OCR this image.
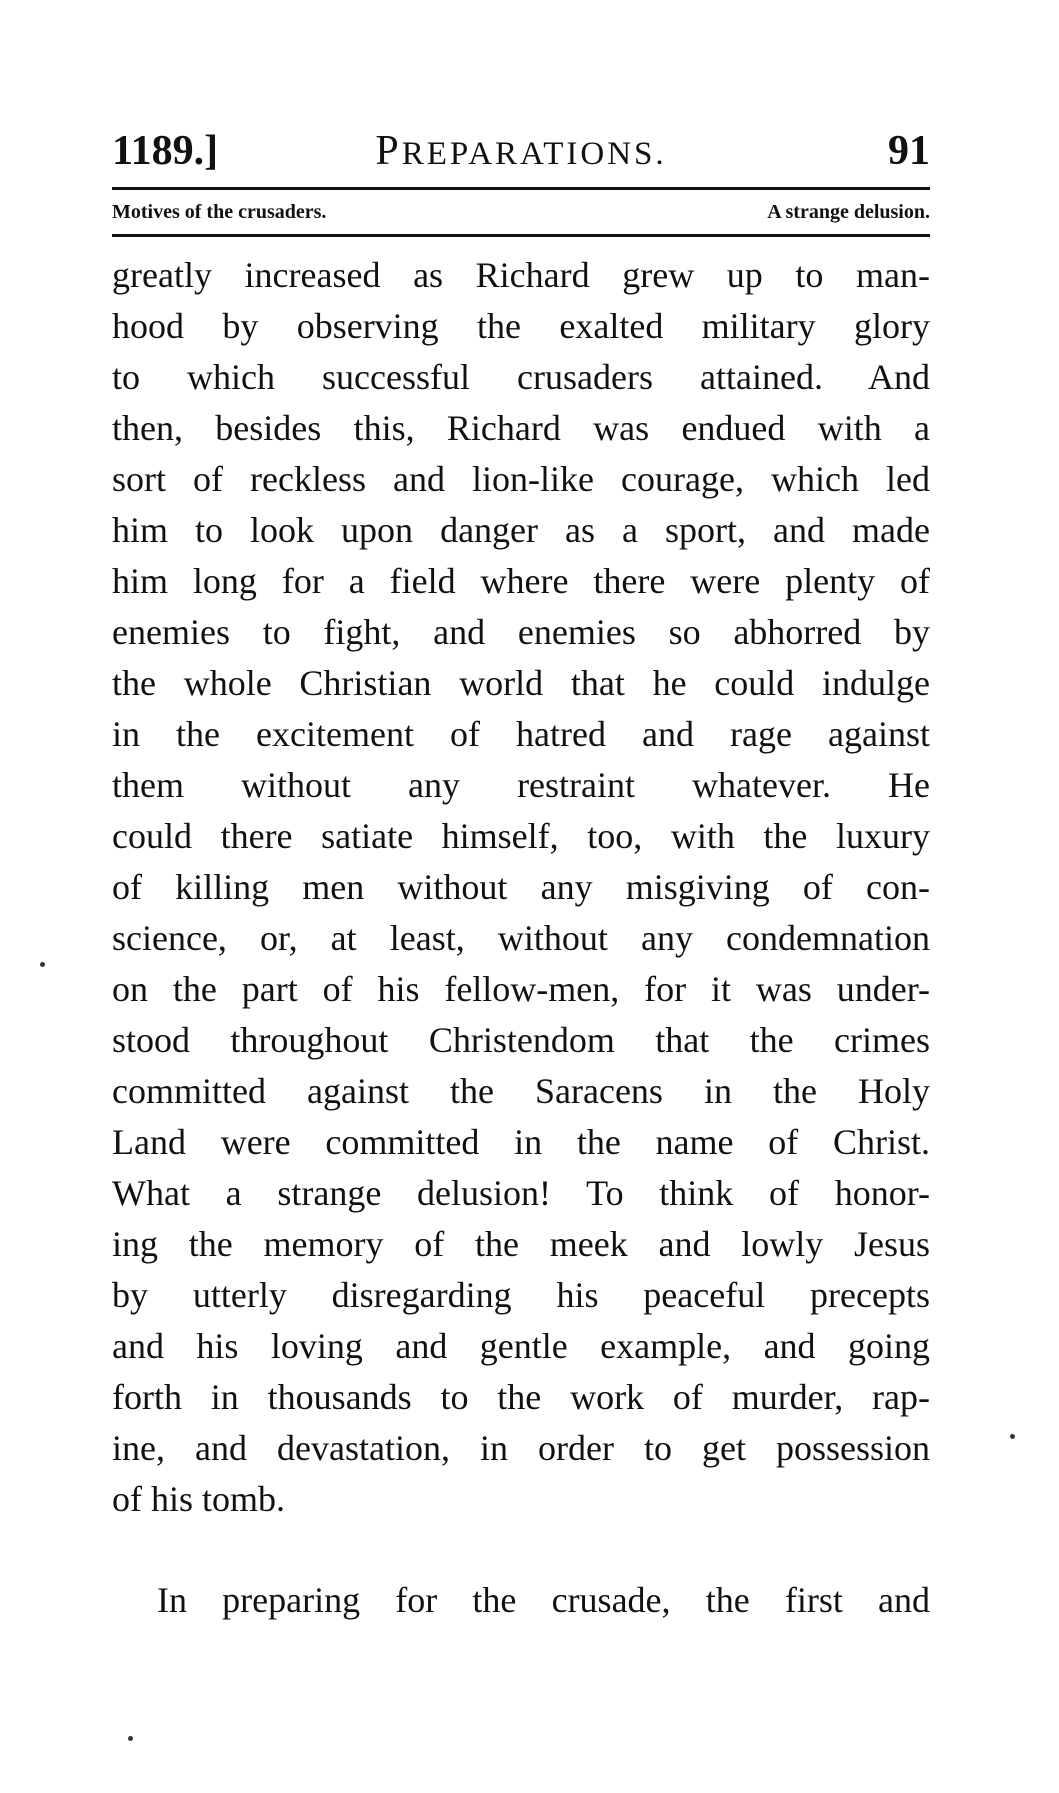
1189.]	PREPARATIONS.	91
Motives of the crusaders.	A strange delusion.
greatly increased as Richard grew up to man-
hood by observing the exalted military glory
to which successful crusaders attained. And
then, besides this, Richard was endued with a
sort of reckless and lion-like courage, which led
him to look upon danger as a sport, and made
him long for a field where there were plenty of
enemies to fight, and enemies so abhorred by
the whole Christian world that he could indulge
in the excitement of hatred and rage against
them without any restraint whatever. He
could there satiate himself, too, with the luxury
of killing men without any misgiving of con-
science, or, at least, without any condemnation
on the part of his fellow-men, for it was under-
stood throughout Christendom that the crimes
committed against the Saracens in the Holy
Land were committed in the name of Christ.
What a strange delusion! To think of honor-
ing the memory of the meek and lowly Jesus
by utterly disregarding his peaceful precepts
and his loving and gentle example, and going
forth in thousands to the work of murder, rap-
ine, and devastation, in order to get possession
of his tomb.
In preparing for the crusade, the first and
